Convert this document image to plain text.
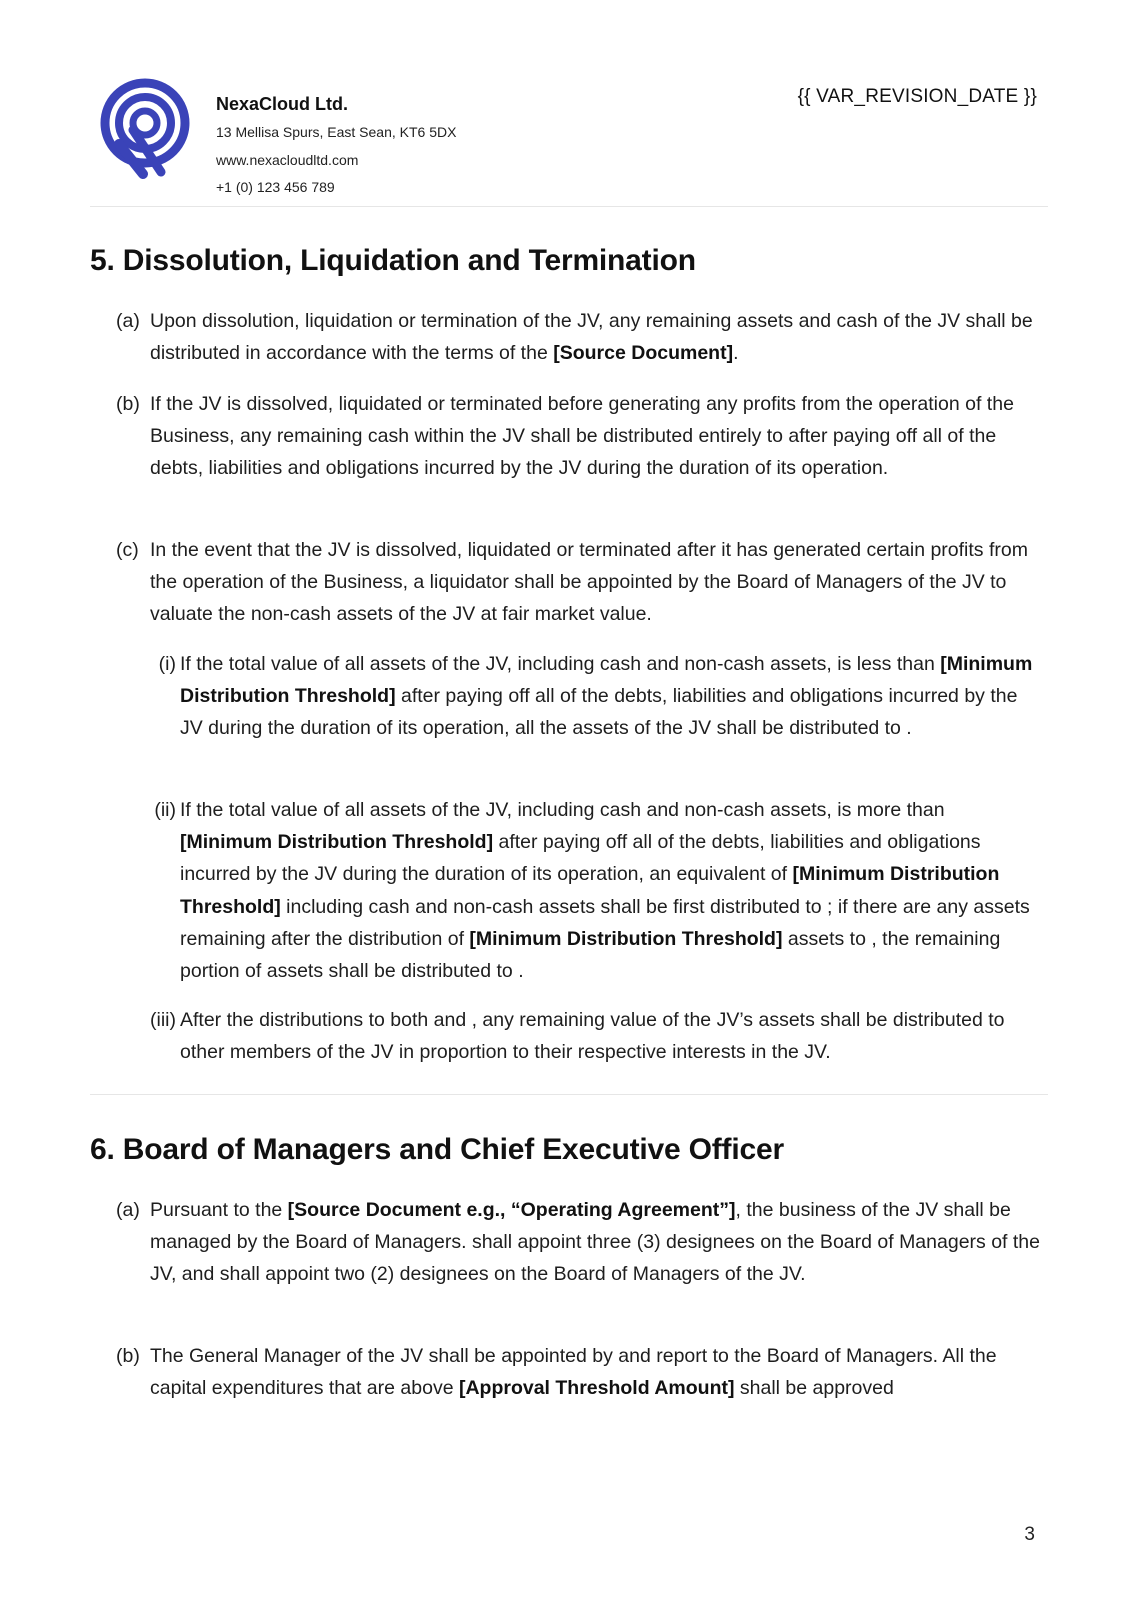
NexaCloud Ltd.
13 Mellisa Spurs, East Sean, KT6 5DX
www.nexacloudltd.com
+1 (0) 123 456 789
{{ VAR_REVISION_DATE }}
5. Dissolution, Liquidation and Termination
(a) Upon dissolution, liquidation or termination of the JV, any remaining assets and cash of the JV shall be distributed in accordance with the terms of the [Source Document].
(b) If the JV is dissolved, liquidated or terminated before generating any profits from the operation of the Business, any remaining cash within the JV shall be distributed entirely to after paying off all of the debts, liabilities and obligations incurred by the JV during the duration of its operation.
(c) In the event that the JV is dissolved, liquidated or terminated after it has generated certain profits from the operation of the Business, a liquidator shall be appointed by the Board of Managers of the JV to valuate the non-cash assets of the JV at fair market value.
(i) If the total value of all assets of the JV, including cash and non-cash assets, is less than [Minimum Distribution Threshold] after paying off all of the debts, liabilities and obligations incurred by the JV during the duration of its operation, all the assets of the JV shall be distributed to .
(ii) If the total value of all assets of the JV, including cash and non-cash assets, is more than [Minimum Distribution Threshold] after paying off all of the debts, liabilities and obligations incurred by the JV during the duration of its operation, an equivalent of [Minimum Distribution Threshold] including cash and non-cash assets shall be first distributed to ; if there are any assets remaining after the distribution of [Minimum Distribution Threshold] assets to , the remaining portion of assets shall be distributed to .
(iii) After the distributions to both and , any remaining value of the JV’s assets shall be distributed to other members of the JV in proportion to their respective interests in the JV.
6. Board of Managers and Chief Executive Officer
(a) Pursuant to the [Source Document e.g., “Operating Agreement”], the business of the JV shall be managed by the Board of Managers. shall appoint three (3) designees on the Board of Managers of the JV, and shall appoint two (2) designees on the Board of Managers of the JV.
(b) The General Manager of the JV shall be appointed by and report to the Board of Managers. All the capital expenditures that are above [Approval Threshold Amount] shall be approved
3
